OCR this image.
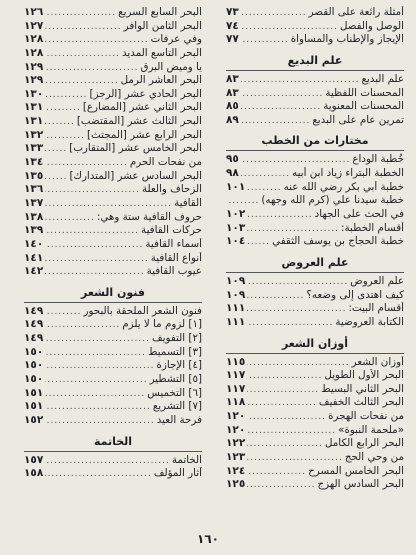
أمثلة رائعة على القصر
.....
٧٣
الوصل والفصل
.....
٧٤
الإيجاز والإطناب والمساواة
.....
٧٧
علم البديع
علم البديع
.....
٨٣
المحسنات اللفظية
.....
٨٣
المحسنات المعنوية
.....
٨٥
تمرين عام على البديع
.....
٨٩
مختارات من الخطب
خُطبة الوداع
.....
٩٥
الخطبة البتراء زياد ابن أبيه
.....
٩٨
خطبة أبي بكر رضي الله عنه
.....
١٠١
خطبة سيدنا علي (كرم الله وجهه)
.....
في الحث على الجهاد
.....
١٠٢
أقسام الخطبة:
.....
١٠٣
خطبة الحجاج بن يوسف الثقفي
.....
١٠٤
علم العروض
علم العروض
.....
١٠٩
كيف اهتدى إلى وضعه؟
.....
١٠٩
أقسام البيت:
.....
١١١
الكتابة العروضية
.....
١١١
أوزان الشعر
أوزان الشعر
.....
١١٥
البحر الأول الطويل
.....
١١٧
البحر الثاني البسيط
.....
١١٧
البحر الثالث الخفيف
.....
١١٨
من نفحات الهجرة
.....
١٢٠
«ملحمة النبوة»
.....
١٢٠
البحر الرابع الكامل
.....
١٢٢
من وحي الحج
.....
١٢٣
البحر الخامس المسرح
.....
١٢٤
البحر السادس الهزج
.....
١٢٥
البحر السابع السريع
.....
١٢٦
البحر الثامن الوافر
.....
١٢٧
وفي عرفات
.....
١٢٨
البحر التاسع المديد
.....
١٢٨
يا وميض البرق
.....
١٢٩
البحر العاشر الرمل
.....
١٢٩
البحر الحادي عشر [الرجز]
.....
١٣٠
البحر الثاني عشر [المضارع]
.....
١٣١
البحر الثالث عشر [المقتضب]
.....
١٣١
البحر الرابع عشر [المجتث]
.....
١٣٢
البحر الخامس عشر [المتقارب]
.....
١٣٣
من نفحات الحرم
.....
١٣٤
البحر السادس عشر [المتدارك]
.....
١٣٥
الزحاف والعلة
.....
١٣٦
القافية
.....
١٣٧
حروف القافية ستة وهي:
.....
١٣٨
حركات القافية
.....
١٣٩
أسماء القافية
.....
١٤٠
أنواع القافية
.....
١٤١
عيوب القافية
.....
١٤٢
فنون الشعر
فنون الشعر الملحقة بالبحور
.....
١٤٩
[١] لزوم ما لا يلزم
.....
١٤٩
[٢] التفويف
.....
١٤٩
[٣] التسميط
.....
١٥٠
[٤] الإجازة
.....
١٥٠
[٥] التشطير
.....
١٥٠
[٦] التخميس
.....
١٥١
[٧] التشريع
.....
١٥١
فرحة العيد
.....
١٥٢
الخاتمة
الخاتمة
.....
١٥٧
آثار المؤلف
.....
١٥٨
١٦٠
